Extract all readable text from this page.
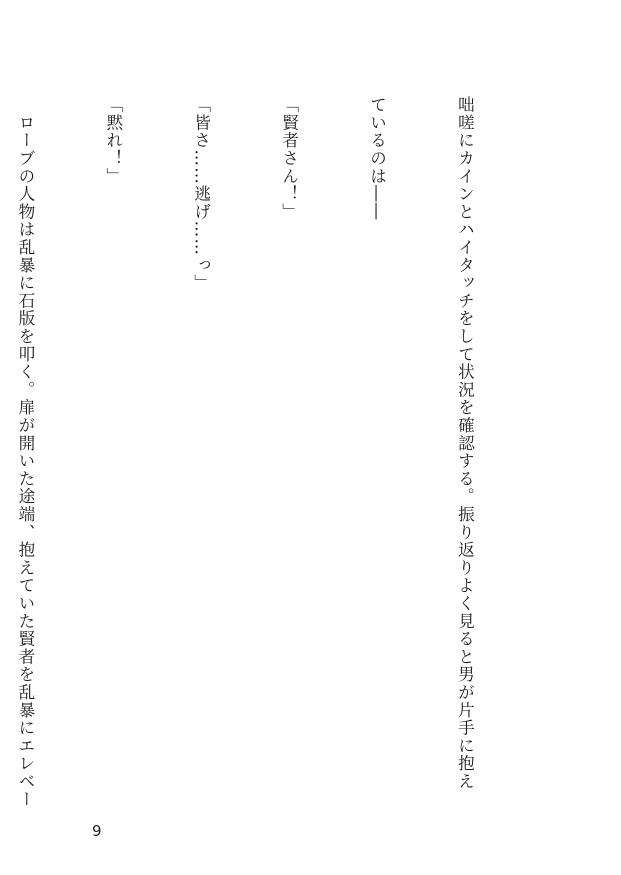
咄嗟にカインとハイタッチをして状況を確認する。振り返りよく見ると男が片手に抱え

ているのは――

「賢者さん！」

「皆さ……逃げ……っ」

「黙れ！」

　ローブの人物は乱暴に石版を叩く。扉が開いた途端、抱えていた賢者を乱暴にエレベー

9
